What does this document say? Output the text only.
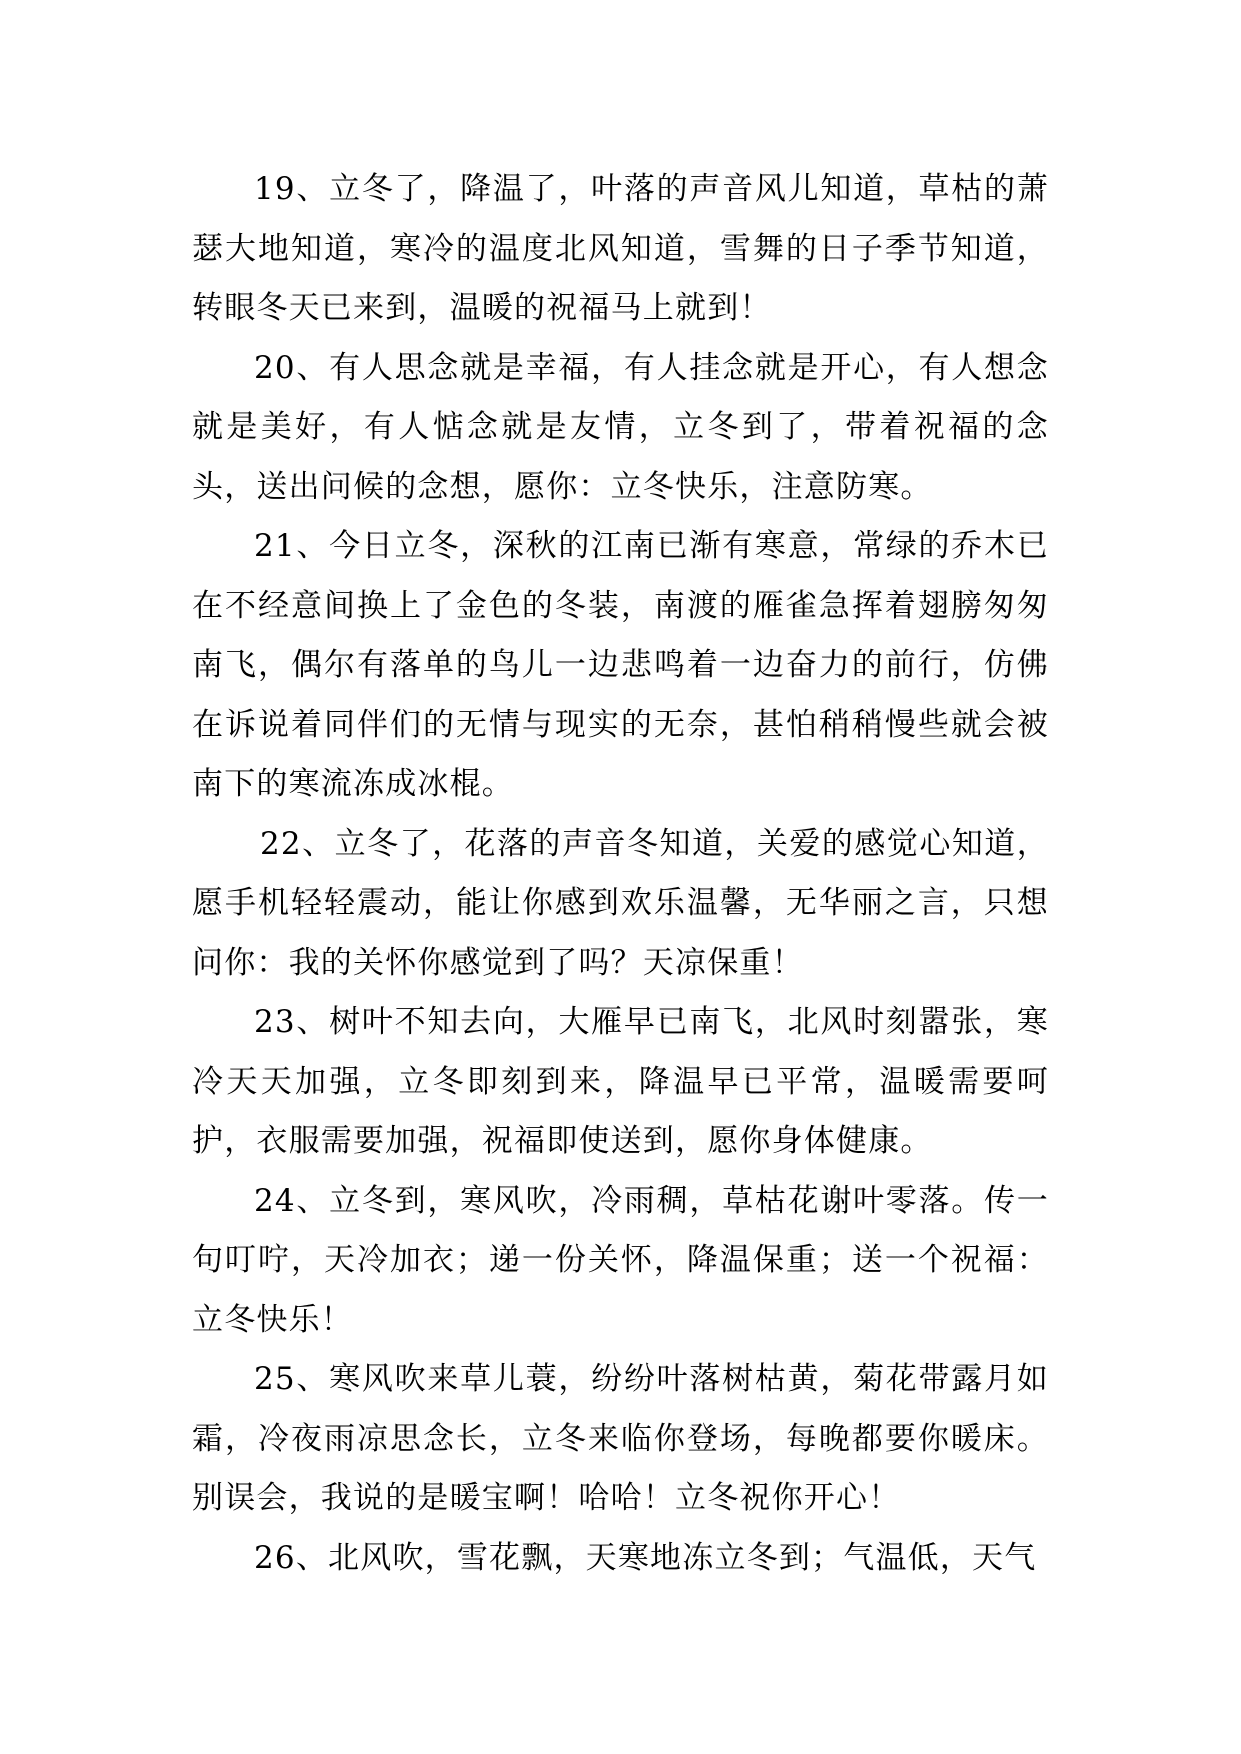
19、立冬了，降温了，叶落的声音风儿知道，草枯的萧瑟大地知道，寒冷的温度北风知道，雪舞的日子季节知道，转眼冬天已来到，温暖的祝福马上就到！

20、有人思念就是幸福，有人挂念就是开心，有人想念就是美好，有人惦念就是友情，立冬到了，带着祝福的念头，送出问候的念想，愿你：立冬快乐，注意防寒。

21、今日立冬，深秋的江南已渐有寒意，常绿的乔木已在不经意间换上了金色的冬装，南渡的雁雀急挥着翅膀匆匆南飞，偶尔有落单的鸟儿一边悲鸣着一边奋力的前行，仿佛在诉说着同伴们的无情与现实的无奈，甚怕稍稍慢些就会被南下的寒流冻成冰棍。

22、立冬了，花落的声音冬知道，关爱的感觉心知道，愿手机轻轻震动，能让你感到欢乐温馨，无华丽之言，只想问你：我的关怀你感觉到了吗？天凉保重！

23、树叶不知去向，大雁早已南飞，北风时刻嚣张，寒冷天天加强，立冬即刻到来，降温早已平常，温暖需要呵护，衣服需要加强，祝福即使送到，愿你身体健康。

24、立冬到，寒风吹，冷雨稠，草枯花谢叶零落。传一句叮咛，天冷加衣；递一份关怀，降温保重；送一个祝福：立冬快乐！

25、寒风吹来草儿蓑，纷纷叶落树枯黄，菊花带露月如霜，冷夜雨凉思念长，立冬来临你登场，每晚都要你暖床。别误会，我说的是暖宝啊！哈哈！立冬祝你开心！

26、北风吹，雪花飘，天寒地冻立冬到；气温低，天气
